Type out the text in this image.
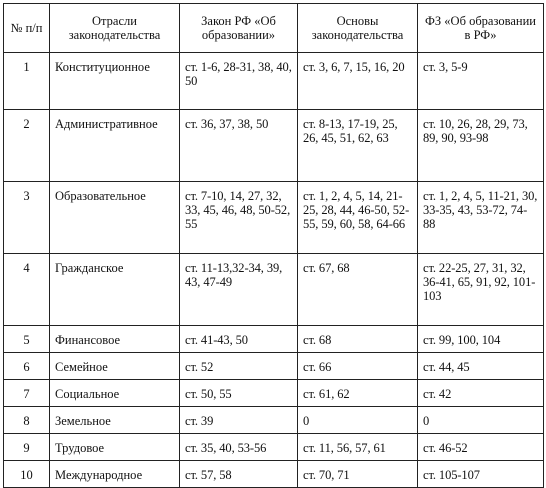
№ п/п	Отрасли законодательства	Закон РФ «Об образовании»	Основы законодательства	ФЗ «Об образовании в РФ»
1	Конституционное	ст. 1-6, 28-31, 38, 40, 50	ст. 3, 6, 7, 15, 16, 20	ст. 3, 5-9
2	Административное	ст. 36, 37, 38, 50	ст. 8-13, 17-19, 25, 26, 45, 51, 62, 63	ст. 10, 26, 28, 29, 73, 89, 90, 93-98
3	Образовательное	ст. 7-10, 14, 27, 32, 33, 45, 46, 48, 50-52, 55	ст. 1, 2, 4, 5, 14, 21-25, 28, 44, 46-50, 52-55, 59, 60, 58, 64-66	ст. 1, 2, 4, 5, 11-21, 30, 33-35, 43, 53-72, 74-88
4	Гражданское	ст. 11-13,32-34, 39, 43, 47-49	ст. 67, 68	ст. 22-25, 27, 31, 32, 36-41, 65, 91, 92, 101-103
5	Финансовое	ст. 41-43, 50	ст. 68	ст. 99, 100, 104
6	Семейное	ст. 52	ст. 66	ст. 44, 45
7	Социальное	ст. 50, 55	ст. 61, 62	ст. 42
8	Земельное	ст. 39	0	0
9	Трудовое	ст. 35, 40, 53-56	ст. 11, 56, 57, 61	ст. 46-52
10	Международное	ст. 57, 58	ст. 70, 71	ст. 105-107
